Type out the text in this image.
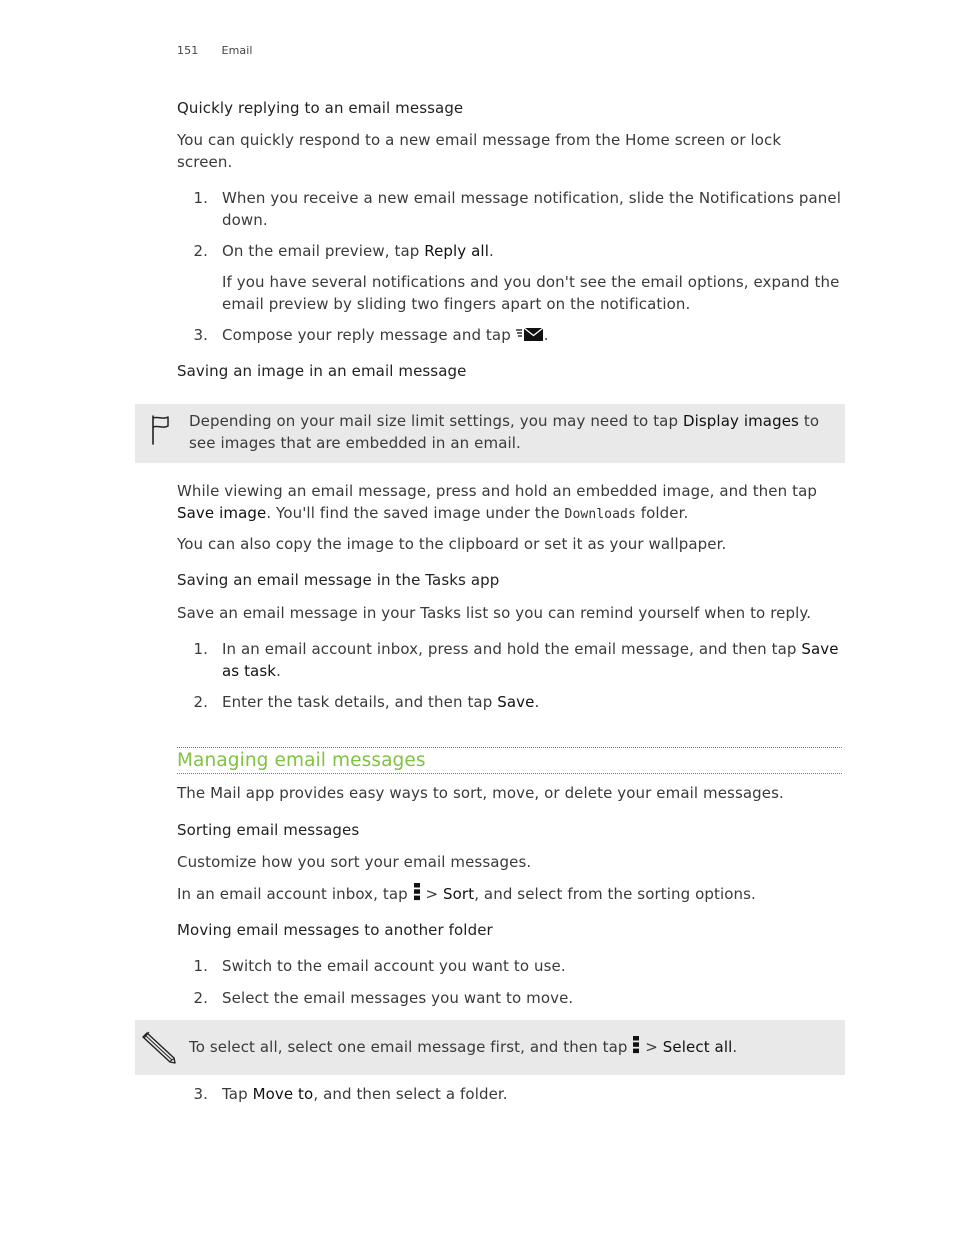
151 Email
Quickly replying to an email message
You can quickly respond to a new email message from the Home screen or lock screen.
1. When you receive a new email message notification, slide the Notifications panel down.
2. On the email preview, tap Reply all.
If you have several notifications and you don't see the email options, expand the email preview by sliding two fingers apart on the notification.
3. Compose your reply message and tap .
Saving an image in an email message
Depending on your mail size limit settings, you may need to tap Display images to see images that are embedded in an email.
While viewing an email message, press and hold an embedded image, and then tap Save image. You'll find the saved image under the Downloads folder.
You can also copy the image to the clipboard or set it as your wallpaper.
Saving an email message in the Tasks app
Save an email message in your Tasks list so you can remind yourself when to reply.
1. In an email account inbox, press and hold the email message, and then tap Save as task.
2. Enter the task details, and then tap Save.
Managing email messages
The Mail app provides easy ways to sort, move, or delete your email messages.
Sorting email messages
Customize how you sort your email messages.
In an email account inbox, tap  > Sort, and select from the sorting options.
Moving email messages to another folder
1. Switch to the email account you want to use.
2. Select the email messages you want to move.
To select all, select one email message first, and then tap  > Select all.
3. Tap Move to, and then select a folder.
